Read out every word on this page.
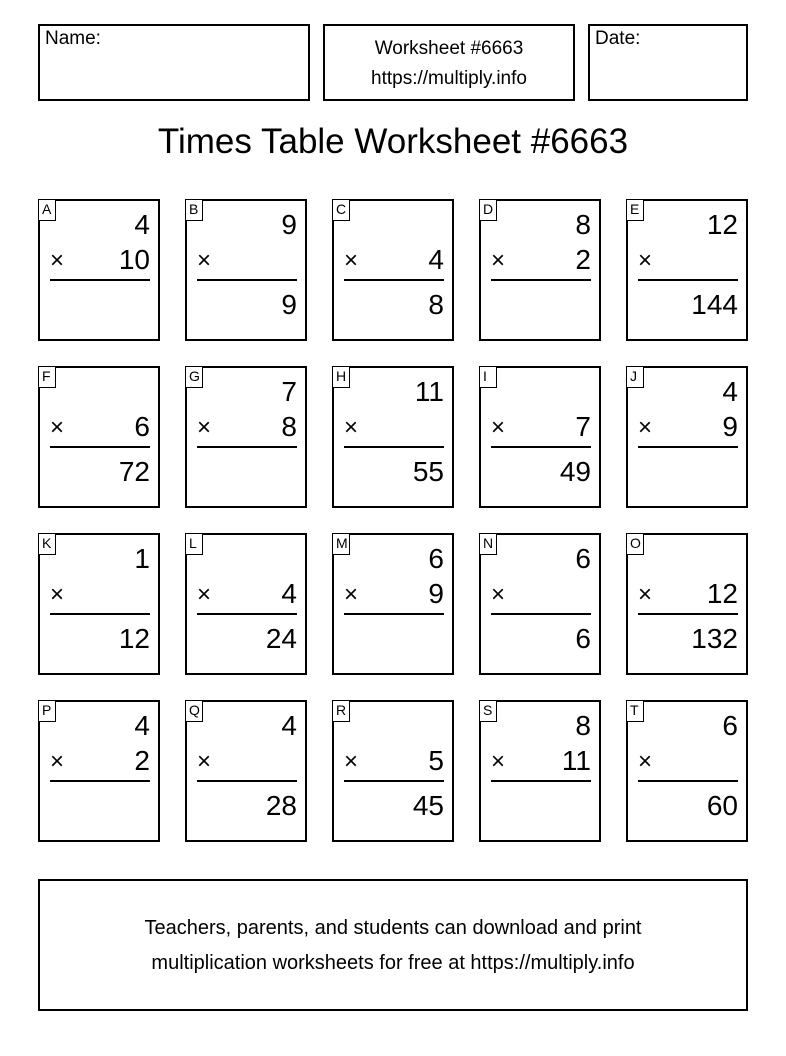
Name:	Worksheet #6663
https://multiply.info
Date:
Times Table Worksheet #6663
A	4
× 10
B	9
×
9
C
×	4
8
D	8
×	2
E 12
×
144
F
×	6
72
G	7
×	8
H 11
×
55
I
×	7
49
J	4
×	9
K	1
×
12
L
×	4
24
M	6
×	9
N	6
×
6
O
× 12
132
P	4
×	2
Q	4
×
28
R
×	5
45
S	8
× 11
T	6
×
60
Teachers, parents, and students can download and print
multiplication worksheets for free at https://multiply.info
